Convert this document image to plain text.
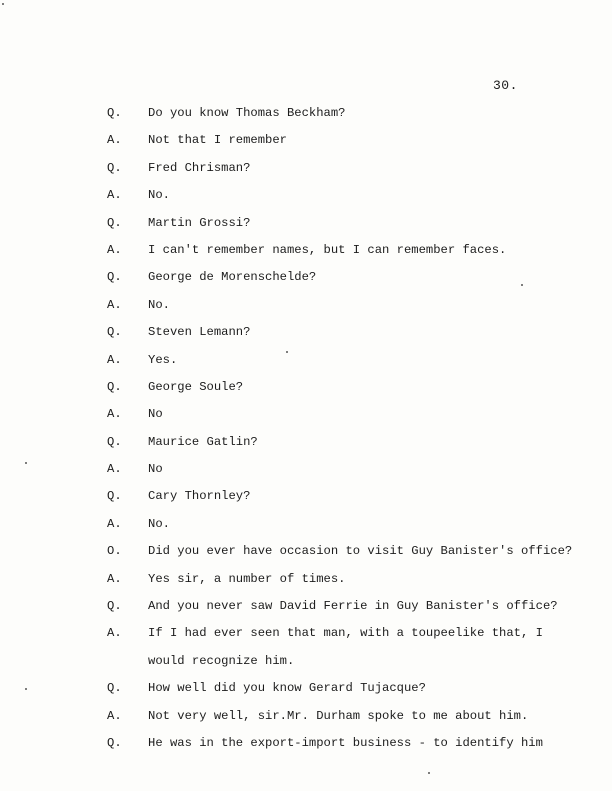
30.
Q. Do you know Thomas Beckham?
A. Not that I remember
Q. Fred Chrisman?
A. No.
Q. Martin Grossi?
A. I can't remember names, but I can remember faces.
Q. George de Morenschelde?
A. No.
Q. Steven Lemann?
A. Yes.
Q. George Soule?
A. No
Q. Maurice Gatlin?
A. No
Q. Cary Thornley?
A. No.
O. Did you ever have occasion to visit Guy Banister's office?
A. Yes sir, a number of times.
Q. And you never saw David Ferrie in Guy Banister's office?
A. If I had ever seen that man, with a toupeelike that, I
would recognize him.
Q. How well did you know Gerard Tujacque?
A. Not very well, sir.Mr. Durham spoke to me about him.
Q. He was in the export-import business - to identify him
